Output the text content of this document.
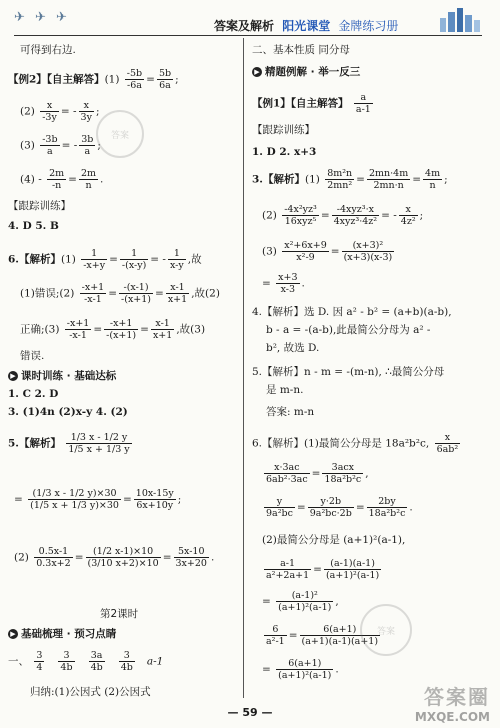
✈ ✈ ✈
答案及解析 阳光课堂 金牌练习册
可得到右边.
【例2】【自主解答】$(1) \frac{-5b}{-6a} = \frac{5b}{6a}$ ;
$(2) \frac{x}{-3y}$ = - $\frac{x}{3y}$ ;
$(3) \frac{-3b}{a}$ = - $\frac{3b}{a}$ ;
$(4) - \frac{2m}{-n} = \frac{2m}{n}$ .
【跟踪训练】
4. D 5. B
6.【解析】$(1) \frac{1}{-x+y} = \frac{1}{-(x-y)}$ = - $\frac{1}{x-y}$ ,故
(1)错误;(2) $\frac{-x+1}{-x-1} = \frac{-(x-1)}{-(x+1)} = \frac{x-1}{x+1}$ ,故(2)
正确;(3) $\frac{-x+1}{-x-1} = \frac{-x+1}{-(x+1)} = \frac{x-1}{x+1}$ ,故(3)
错误.
▶ 课时训练 · 基础达标
1. C 2. D
3. (1)4n (2)x-y 4. (2)
5.【解析】 $\frac{1/3 x - 1/2 y}{1/5 x + 1/3 y}$
= $\frac{(1/3 x - 1/2 y)\times 30}{(1/5 x + 1/3 y)\times 30} = \frac{10x-15y}{6x+10y}$ ;
$(2) \frac{0.5x-1}{0.3x+2} = \frac{(1/2 x-1)\times 10}{(3/10 x+2)\times 10} = \frac{5x-10}{3x+20}$ .
第2课时
▶ 基础梳理 · 预习点睛
一、 $\frac{3}{4}$
$\frac{3}{4b}$
$\frac{3a}{4b}$
$\frac{3}{4b} a-1$
归纳:(1)公因式 (2)公因式
二、基本性质 同分母
▶ 精题例解 · 举一反三
【例1】【自主解答】 $\frac{a}{a-1}$
【跟踪训练】
1. D 2. x+3
3.【解析】$(1) \frac{\text{8m²n}}{\text{2mn²}} = \frac{2mn\cdot 4m}{2mn\cdot n} = \frac{4m}{n}$ ;
$(2) \frac{\text{-4x²yz³}}{\text{16xyz⁵}} = \frac{\text{-4xyz³·x}}{\text{4xyz³·4z²}}$ = - $\frac{x}{\text{4z²}}$ ;
$(3) \frac{\text{x²+6x+9}}{\text{x²-9}} = \frac{\text{(x+3)²}}{(x+3)(x-3)}$
= $\frac{x+3}{x-3}$ .
4.【解析】选 D. 因 a² - b² = (a+b)(a-b),
b - a = -(a-b),此最简公分母为 a² -
b², 故选 D.
5.【解析】n - m = -(m-n), ∴最简公分母
是 m-n.
答案: m-n
6.【解析】(1)最简公分母是 18a²b²c, $\frac{x}{\text{6ab²}}$
$\frac{x\cdot 3ac}{\text{6ab²·3ac}} = \frac{\text{3acx}}{\text{18a²b²c}}$ ,
$\frac{y}{\text{9a²bc}} = \frac{y\cdot 2b}{\text{9a²bc·2b}} = \frac{2by}{\text{18a²b²c}}$ .
(2)最简公分母是 (a+1)²(a-1),
$\frac{a-1}{\text{a²+2a+1}} = \frac{(a-1)(a-1)}{\text{(a+1)²(a-1)}}$
= $\frac{\text{(a-1)²}}{\text{(a+1)²(a-1)}}$ ,
$\frac{6}{\text{a²-1}} = \frac{6(a+1)}{(a+1)(a-1)(a+1)}$
= $\frac{6(a+1)}{\text{(a+1)²(a-1)}}$ .
答案
答案
— 59 —
答案圈
MXQE.COM
